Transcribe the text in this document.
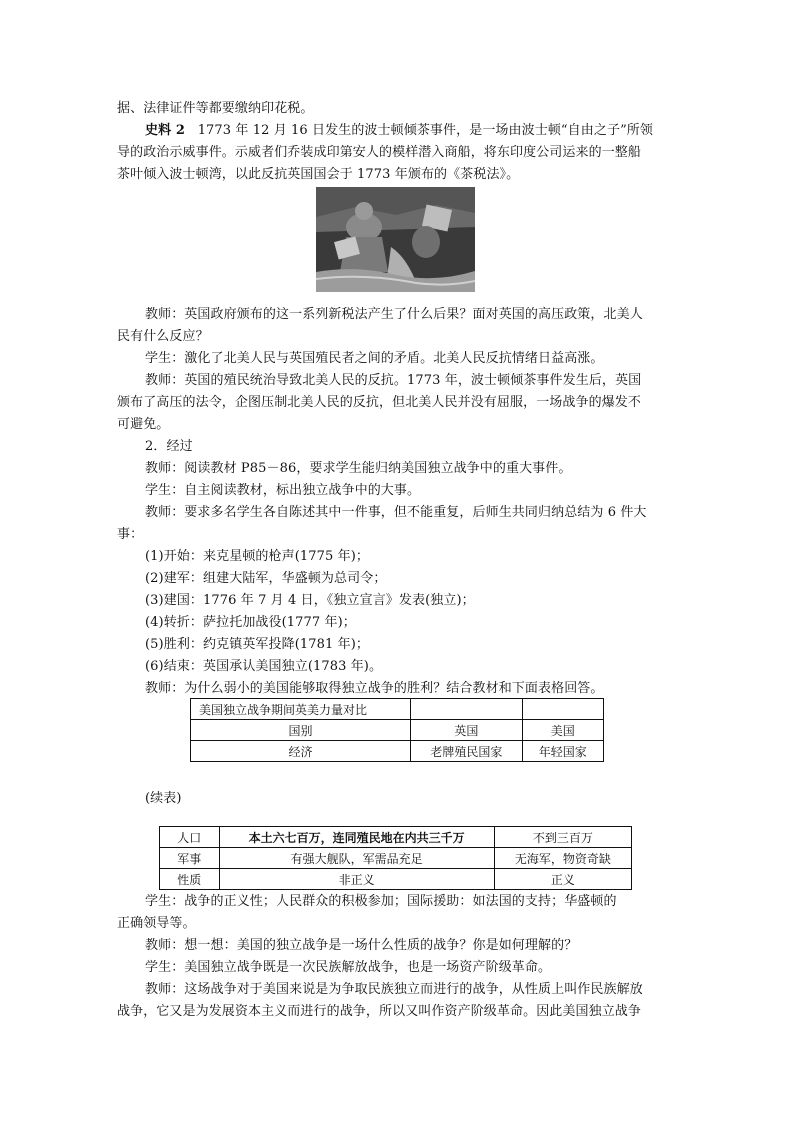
据、法律证件等都要缴纳印花税。
史料 2 1773 年 12 月 16 日发生的波士顿倾茶事件，是一场由波士顿“自由之子”所领
导的政治示威事件。示威者们乔装成印第安人的模样潜入商船，将东印度公司运来的一整船
茶叶倾入波士顿湾，以此反抗英国国会于 1773 年颁布的《茶税法》。
教师：英国政府颁布的这一系列新税法产生了什么后果？面对英国的高压政策，北美人
民有什么反应？
学生：激化了北美人民与英国殖民者之间的矛盾。北美人民反抗情绪日益高涨。
教师：英国的殖民统治导致北美人民的反抗。1773 年，波士顿倾茶事件发生后，英国
颁布了高压的法令，企图压制北美人民的反抗，但北美人民并没有屈服，一场战争的爆发不
可避免。
2．经过
教师：阅读教材 P85－86，要求学生能归纳美国独立战争中的重大事件。
学生：自主阅读教材，标出独立战争中的大事。
教师：要求多名学生各自陈述其中一件事，但不能重复，后师生共同归纳总结为 6 件大
事：
(1)开始：来克星顿的枪声(1775 年)；
(2)建军：组建大陆军，华盛顿为总司令；
(3)建国：1776 年 7 月 4 日，《独立宣言》发表(独立)；
(4)转折：萨拉托加战役(1777 年)；
(5)胜利：约克镇英军投降(1781 年)；
(6)结束：英国承认美国独立(1783 年)。
教师：为什么弱小的美国能够取得独立战争的胜利？结合教材和下面表格回答。
美国独立战争期间英美力量对比		
国别	英国	美国
经济	老牌殖民国家	年轻国家
(续表)
人口	本土六七百万，连同殖民地在内共三千万	不到三百万
军事	有强大舰队，军需品充足	无海军，物资奇缺
性质	非正义	正义
学生：战争的正义性；人民群众的积极参加；国际援助：如法国的支持；华盛顿的
正确领导等。
教师：想一想：美国的独立战争是一场什么性质的战争？你是如何理解的？
学生：美国独立战争既是一次民族解放战争，也是一场资产阶级革命。
教师：这场战争对于美国来说是为争取民族独立而进行的战争，从性质上叫作民族解放
战争，它又是为发展资本主义而进行的战争，所以又叫作资产阶级革命。因此美国独立战争
